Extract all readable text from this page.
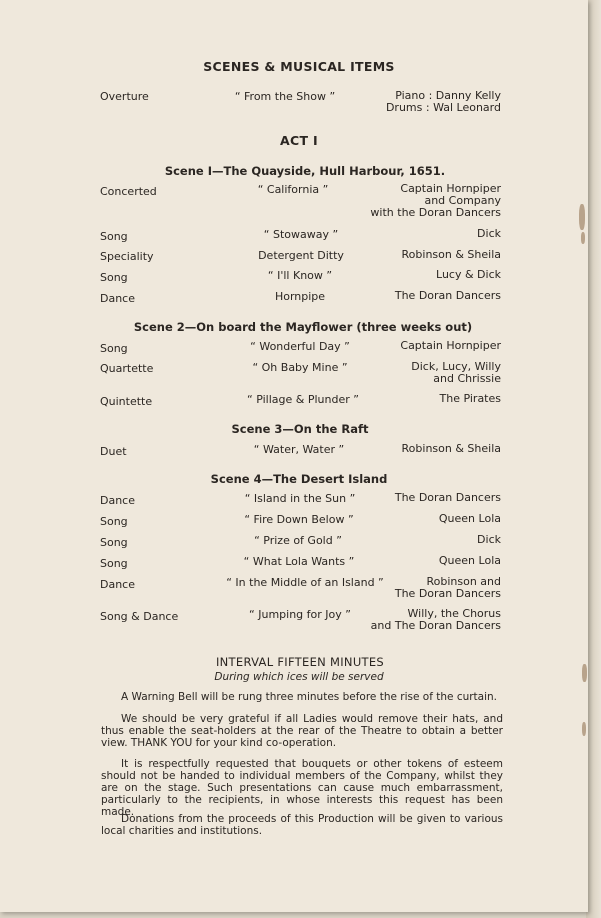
SCENES & MUSICAL ITEMS
Overture	“ From the Show ”	Piano : Danny Kelly
Drums : Wal Leonard
ACT I
Scene I—The Quayside, Hull Harbour, 1651.
Concerted	“ California ”	Captain Hornpiper
and Company
with the Doran Dancers
Song	“ Stowaway ”	Dick
Speciality	Detergent Ditty	Robinson & Sheila
Song	“ I'll Know ”	Lucy & Dick
Dance	Hornpipe	The Doran Dancers
Scene 2—On board the Mayflower (three weeks out)
Song	“ Wonderful Day ”	Captain Hornpiper
Quartette	“ Oh Baby Mine ”	Dick, Lucy, Willy
and Chrissie
Quintette	“ Pillage & Plunder ”	The Pirates
Scene 3—On the Raft
Duet	“ Water, Water ”	Robinson & Sheila
Scene 4—The Desert Island
Dance	“ Island in the Sun ”	The Doran Dancers
Song	“ Fire Down Below ”	Queen Lola
Song	“ Prize of Gold ”	Dick
Song	“ What Lola Wants ”	Queen Lola
Dance	“ In the Middle of an Island ”	Robinson and
The Doran Dancers
Song & Dance	“ Jumping for Joy ”	Willy, the Chorus
and The Doran Dancers
INTERVAL FIFTEEN MINUTES
During which ices will be served
A Warning Bell will be rung three minutes before the rise of the curtain.
We should be very grateful if all Ladies would remove their hats, and thus enable the seat-holders at the rear of the Theatre to obtain a better view. THANK YOU for your kind co-operation.
It is respectfully requested that bouquets or other tokens of esteem should not be handed to individual members of the Company, whilst they are on the stage. Such presentations can cause much embarrassment, particularly to the recipients, in whose interests this request has been made.
Donations from the proceeds of this Production will be given to various local charities and institutions.
